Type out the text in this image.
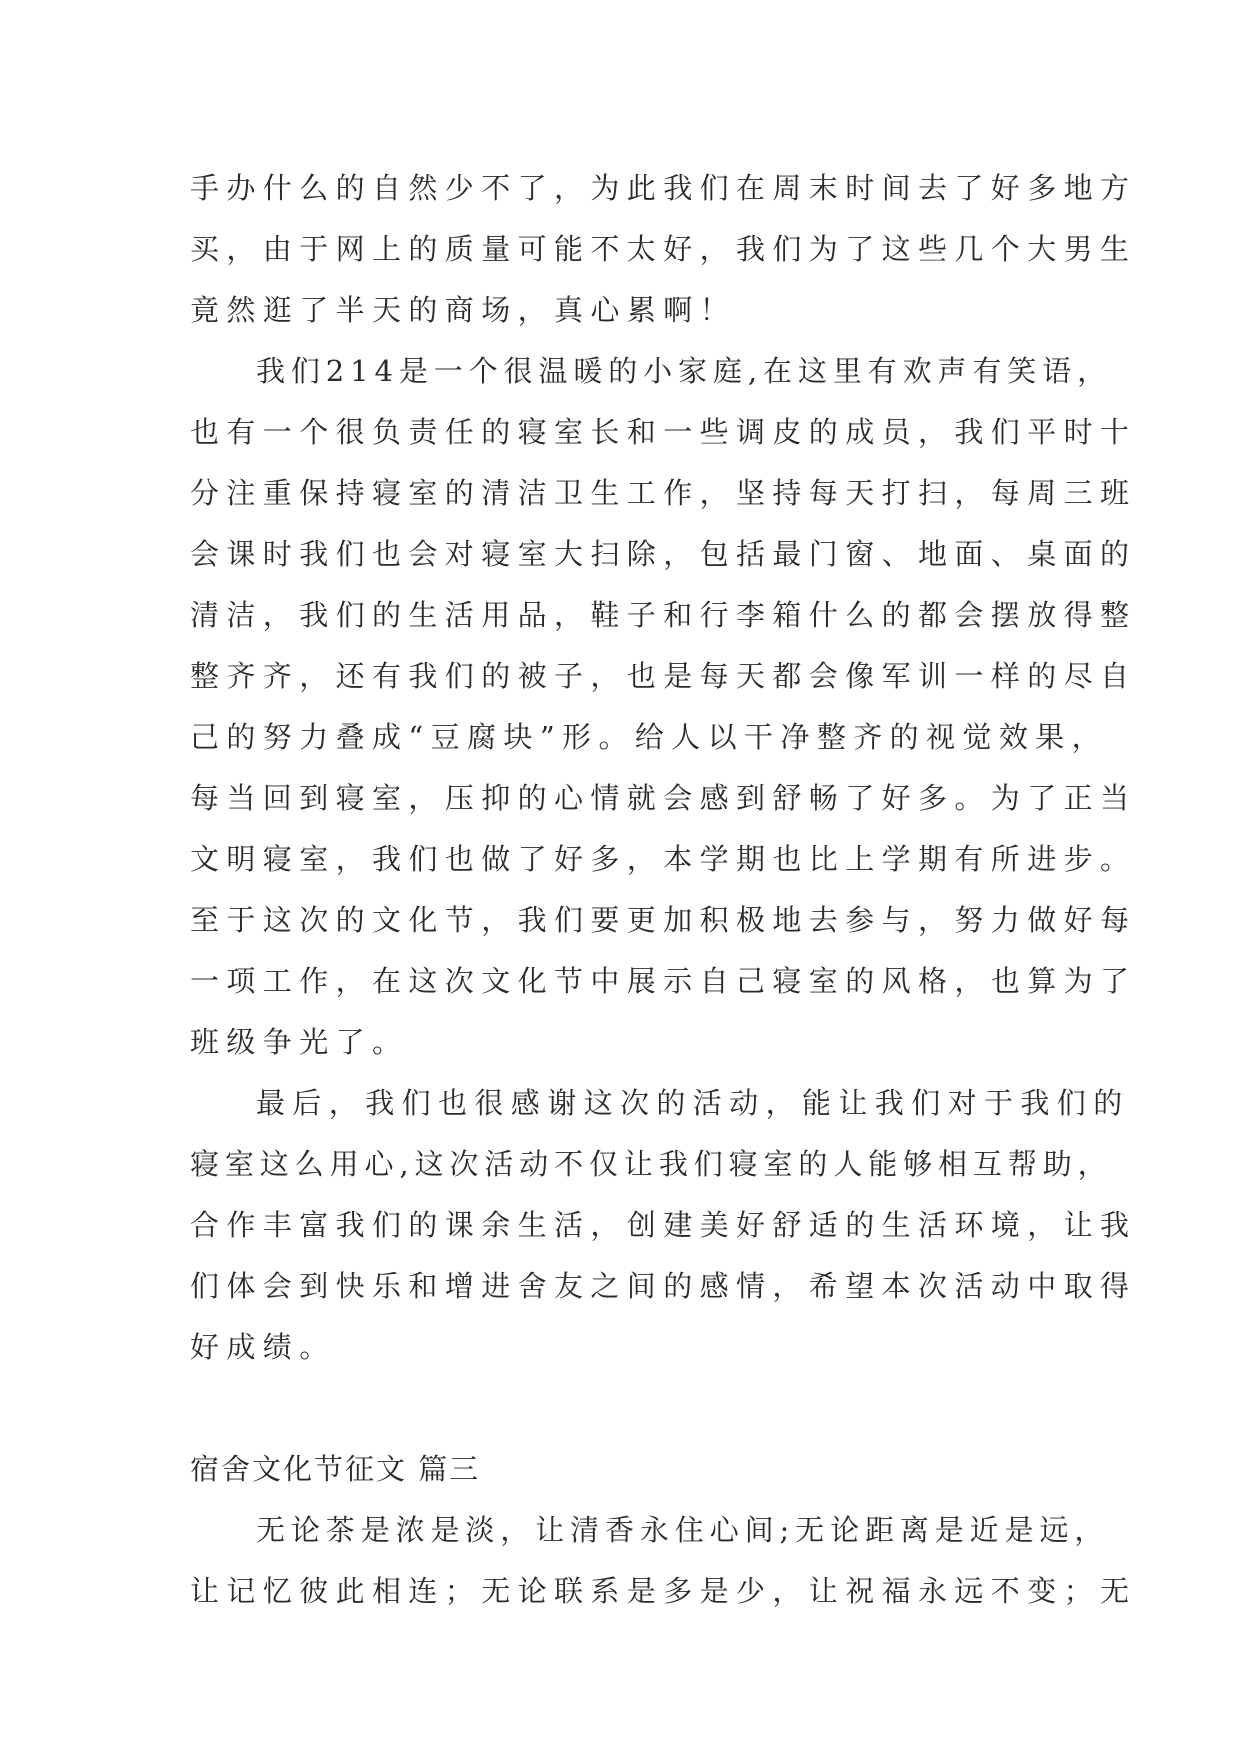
手办什么的自然少不了，为此我们在周末时间去了好多地方
买，由于网上的质量可能不太好，我们为了这些几个大男生
竟然逛了半天的商场，真心累啊！
我们214是一个很温暖的小家庭,在这里有欢声有笑语，
也有一个很负责任的寝室长和一些调皮的成员，我们平时十
分注重保持寝室的清洁卫生工作，坚持每天打扫，每周三班
会课时我们也会对寝室大扫除，包括最门窗、地面、桌面的
清洁，我们的生活用品，鞋子和行李箱什么的都会摆放得整
整齐齐，还有我们的被子，也是每天都会像军训一样的尽自
己的努力叠成“豆腐块”形。给人以干净整齐的视觉效果，
每当回到寝室，压抑的心情就会感到舒畅了好多。为了正当
文明寝室，我们也做了好多，本学期也比上学期有所进步。
至于这次的文化节，我们要更加积极地去参与，努力做好每
一项工作，在这次文化节中展示自己寝室的风格，也算为了
班级争光了。
最后，我们也很感谢这次的活动，能让我们对于我们的
寝室这么用心,这次活动不仅让我们寝室的人能够相互帮助，
合作丰富我们的课余生活，创建美好舒适的生活环境，让我
们体会到快乐和增进舍友之间的感情，希望本次活动中取得
好成绩。
宿舍文化节征文 篇三
无论茶是浓是淡，让清香永住心间;无论距离是近是远，
让记忆彼此相连；无论联系是多是少，让祝福永远不变；无
